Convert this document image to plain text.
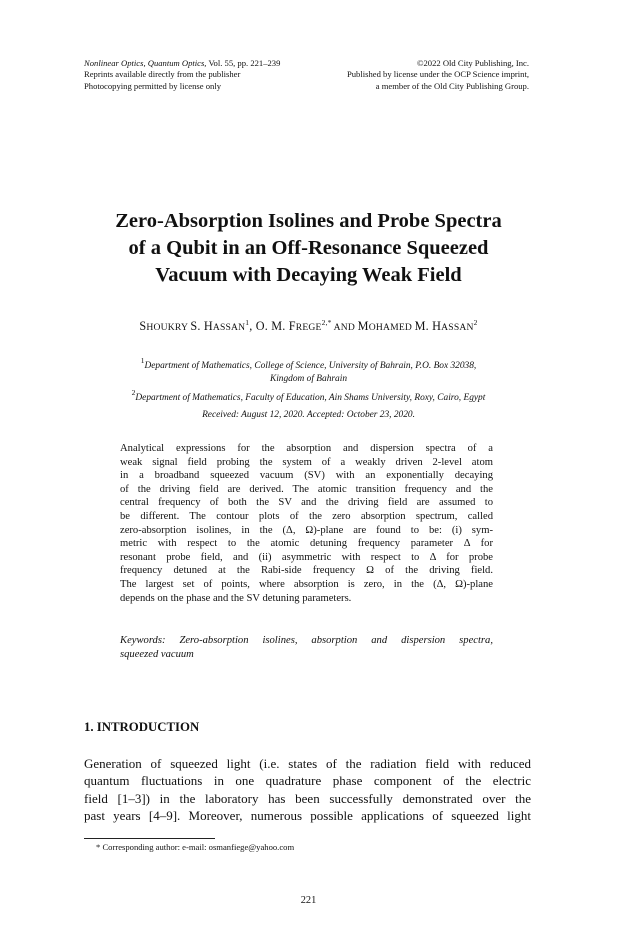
Nonlinear Optics, Quantum Optics, Vol. 55, pp. 221–239
Reprints available directly from the publisher
Photocopying permitted by license only
©2022 Old City Publishing, Inc.
Published by license under the OCP Science imprint,
a member of the Old City Publishing Group.
Zero-Absorption Isolines and Probe Spectra
of a Qubit in an Off-Resonance Squeezed
Vacuum with Decaying Weak Field
SHOUKRY S. HASSAN$^1$, O. M. $FREGE^{2,*}$ AND MOHAMED M. HASSAN$^2$
$^1$Department of Mathematics, College of Science, University of Bahrain, P.O. Box 32038,
Kingdom of Bahrain
$^2$Department of Mathematics, Faculty of Education, Ain Shams University, Roxy, Cairo, Egypt
Received: August 12, 2020. Accepted: October 23, 2020.
Analytical expressions for the absorption and dispersion spectra of a
weak signal field probing the system of a weakly driven 2-level atom
in a broadband squeezed vacuum (SV) with an exponentially decaying
of the driving field are derived. The atomic transition frequency and the
central frequency of both the SV and the driving field are assumed to
be different. The contour plots of the zero absorption spectrum, called
zero-absorption isolines, in the (Δ, Ω)-plane are found to be: (i) sym-
metric with respect to the atomic detuning frequency parameter Δ for
resonant probe field, and (ii) asymmetric with respect to Δ for probe
frequency detuned at the Rabi-side frequency Ω of the driving field.
The largest set of points, where absorption is zero, in the (Δ, Ω)-plane
depends on the phase and the SV detuning parameters.
Keywords: Zero-absorption isolines, absorption and dispersion spectra,
squeezed vacuum
1. INTRODUCTION
Generation of squeezed light (i.e. states of the radiation field with reduced
quantum fluctuations in one quadrature phase component of the electric
field [1–3]) in the laboratory has been successfully demonstrated over the
past years [4–9]. Moreover, numerous possible applications of squeezed light
* Corresponding author: e-mail: osmanfiege@yahoo.com
221
